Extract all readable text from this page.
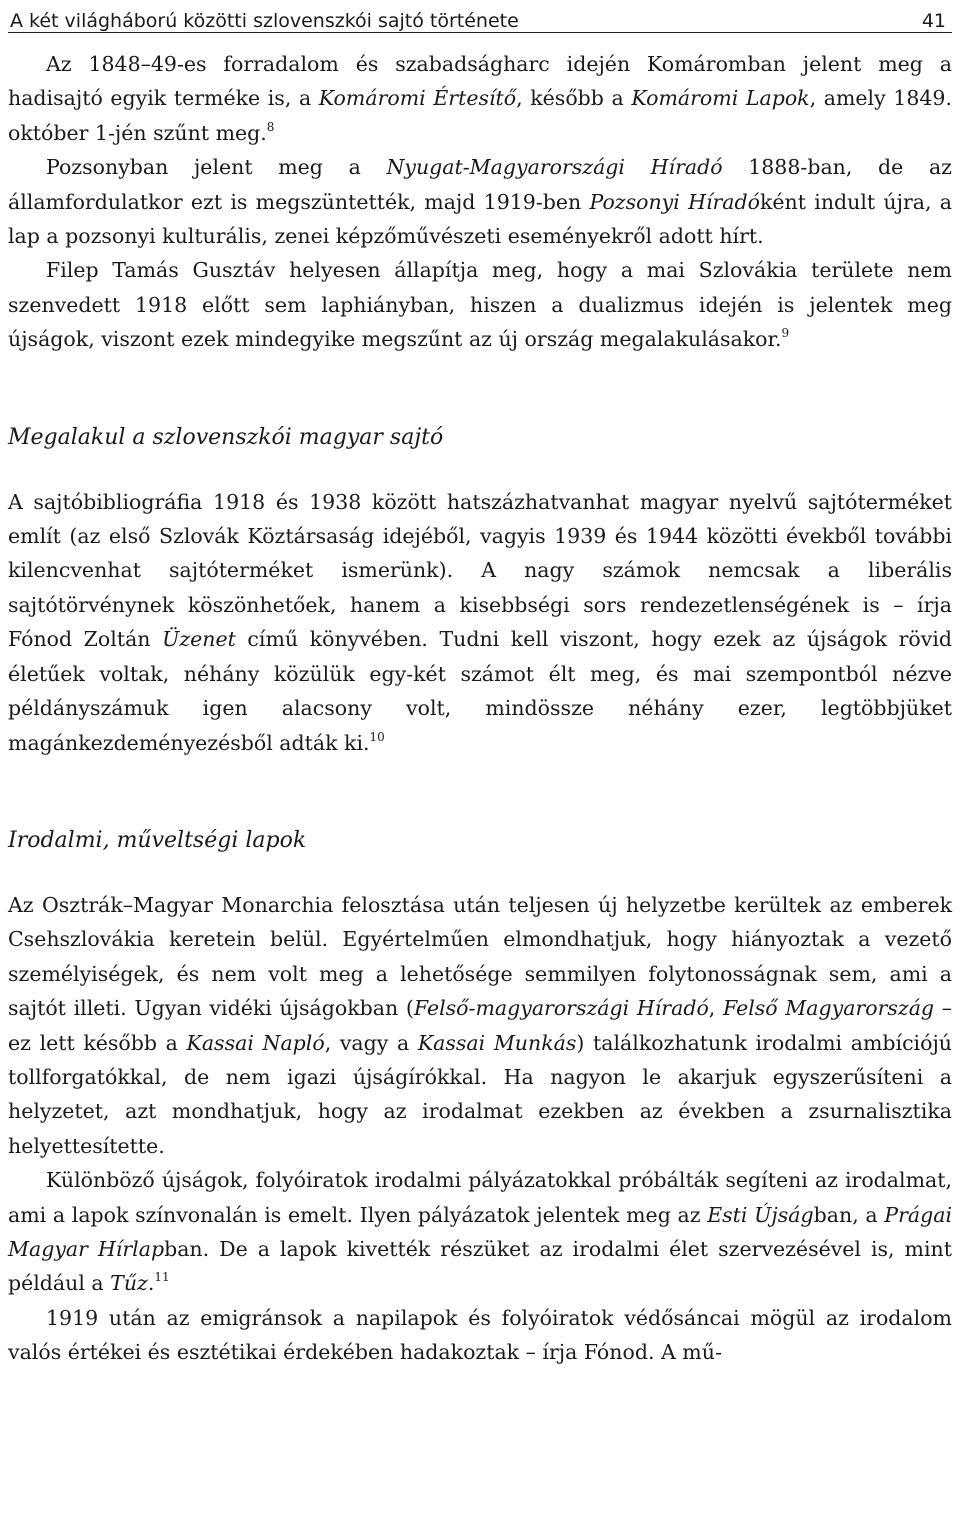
A két világháború közötti szlovenszkói sajtó története	41

Az 1848–49-es forradalom és szabadságharc idején Komáromban jelent meg a hadisajtó egyik terméke is, a Komáromi Értesítő, később a Komáromi Lapok, amely 1849. október 1-jén szűnt meg.$^8$

Pozsonyban jelent meg a Nyugat-Magyarországi Híradó 1888-ban, de az államfordulatkor ezt is megszüntették, majd 1919-ben Pozsonyi Híradóként indult újra, a lap a pozsonyi kulturális, zenei képzőművészeti eseményekről adott hírt.

Filep Tamás Gusztáv helyesen állapítja meg, hogy a mai Szlovákia területe nem szenvedett 1918 előtt sem laphiányban, hiszen a dualizmus idején is jelentek meg újságok, viszont ezek mindegyike megszűnt az új ország megalakulásakor.$^9$

Megalakul a szlovenszkói magyar sajtó

A sajtóbibliográfia 1918 és 1938 között hatszázhatvanhat magyar nyelvű sajtóterméket említ (az első Szlovák Köztársaság idejéből, vagyis 1939 és 1944 közötti évekből további kilencvenhat sajtóterméket ismerünk). A nagy számok nemcsak a liberális sajtótörvénynek köszönhetőek, hanem a kisebbségi sors rendezetlenségének is – írja Fónod Zoltán Üzenet című könyvében. Tudni kell viszont, hogy ezek az újságok rövid életűek voltak, néhány közülük egy-két számot élt meg, és mai szempontból nézve példányszámuk igen alacsony volt, mindössze néhány ezer, legtöbbjüket magánkezdeményezésből adták ki.$^{10}$

Irodalmi, műveltségi lapok

Az Osztrák–Magyar Monarchia felosztása után teljesen új helyzetbe kerültek az emberek Csehszlovákia keretein belül. Egyértelműen elmondhatjuk, hogy hiányoztak a vezető személyiségek, és nem volt meg a lehetősége semmilyen folytonosságnak sem, ami a sajtót illeti. Ugyan vidéki újságokban (Felső-magyarországi Híradó, Felső Magyarország – ez lett később a Kassai Napló, vagy a Kassai Munkás) találkozhatunk irodalmi ambíciójú tollforgatókkal, de nem igazi újságírókkal. Ha nagyon le akarjuk egyszerűsíteni a helyzetet, azt mondhatjuk, hogy az irodalmat ezekben az években a zsurnalisztika helyettesítette.

Különböző újságok, folyóiratok irodalmi pályázatokkal próbálták segíteni az irodalmat, ami a lapok színvonalán is emelt. Ilyen pályázatok jelentek meg az Esti Újságban, a Prágai Magyar Hírlapban. De a lapok kivették részüket az irodalmi élet szervezésével is, mint például a Tűz.$^{11}$

1919 után az emigránsok a napilapok és folyóiratok védősáncai mögül az irodalom valós értékei és esztétikai érdekében hadakoztak – írja Fónod. A mű-
